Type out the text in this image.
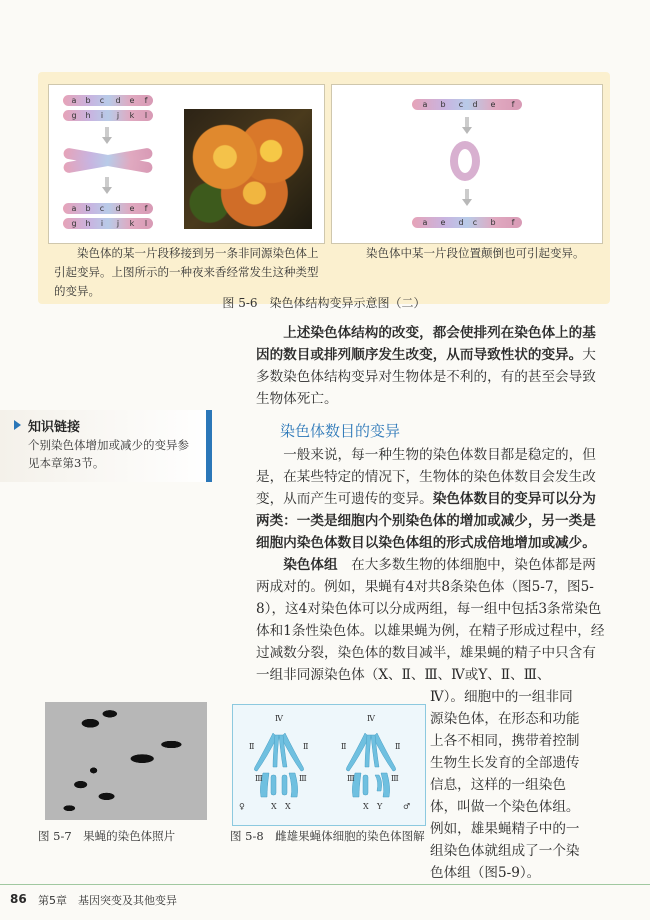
a	b	c	d	e	f
g	h	i	j	k	l
a	b	c	d	e	f
g	h	i	j	k	l
a	b	c	d	e	f
a	e	d	c	b	f
染色体的某一片段移接到另一条非同源染色体上引起变异。上图所示的一种夜来香经常发生这种类型的变异。
染色体中某一片段位置颠倒也可引起变异。
图 5-6　染色体结构变异示意图（二）
上述染色体结构的改变，都会使排列在染色体上的基因的数目或排列顺序发生改变，从而导致性状的变异。大多数染色体结构变异对生物体是不利的，有的甚至会导致生物体死亡。
知识链接
个别染色体增加或减少的变异参见本章第3节。
染色体数目的变异
一般来说，每一种生物的染色体数目都是稳定的，但是，在某些特定的情况下，生物体的染色体数目会发生改变，从而产生可遗传的变异。染色体数目的变异可以分为两类：一类是细胞内个别染色体的增加或减少，另一类是细胞内染色体数目以染色体组的形式成倍地增加或减少。
染色体组　在大多数生物的体细胞中，染色体都是两两成对的。例如，果蝇有4对共8条染色体（图5-7，图5-8），这4对染色体可以分成两组，每一组中包括3条常染色体和1条性染色体。以雄果蝇为例，在精子形成过程中，经过减数分裂，染色体的数目减半，雄果蝇的精子中只含有一组非同源染色体（X、Ⅱ、Ⅲ、Ⅳ或Y、Ⅱ、Ⅲ、
Ⅳ）。细胞中的一组非同
源染色体，在形态和功能
上各不相同，携带着控制
生物生长发育的全部遗传
信息，这样的一组染色
体，叫做一个染色体组。
例如，雄果蝇精子中的一
组染色体就组成了一个染
色体组（图5-9）。
图 5-7　果蝇的染色体照片
Ⅳ
Ⅱ	Ⅱ
Ⅲ	Ⅲ
♀	X X
Ⅳ
Ⅱ	Ⅱ
Ⅲ	Ⅲ
X Y	♂
图 5-8　雌雄果蝇体细胞的染色体图解
86 第5章　基因突变及其他变异
